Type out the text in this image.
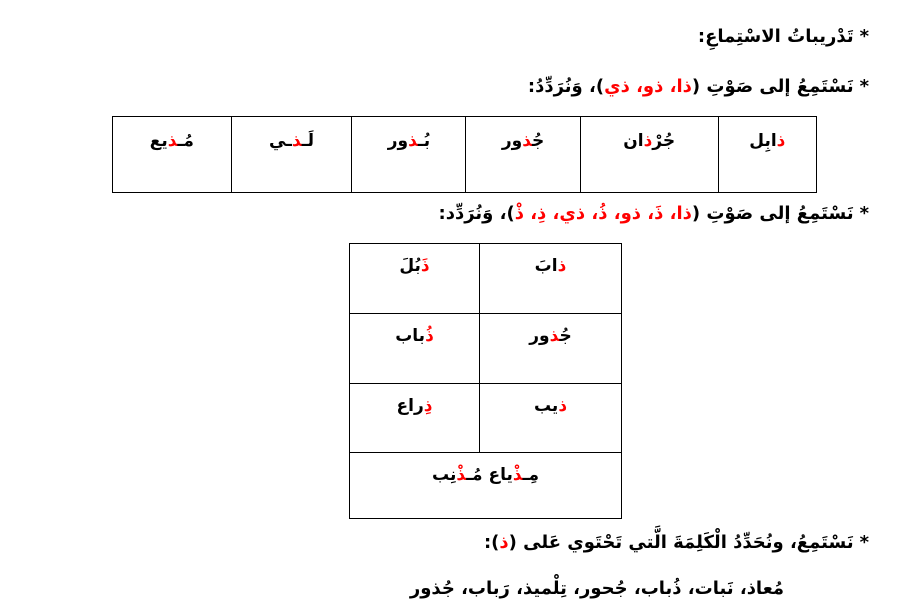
*تَدْريباتُ الاسْتِماعِ:
*نَسْتَمِعُ إلى صَوْتِ (ذا، ذو، ذي)، وَنُرَدِّدُ:
ذابِل	جُرْذان	جُذور	بُـذور	لَـذـي	مُـذيع
*نَسْتَمِعُ إلى صَوْتِ (ذا، ذَ، ذو، ذُ، ذي، ذِ، ذْ)، وَنُرَدِّد:
ذابَ	ذَبُلَ
جُذور	ذُباب
ذيب	ذِراع
مِـذْياع مُـذْنِب	
*نَسْتَمِعُ، ونُحَدِّدُ الْكَلِمَةَ الَّتي تَحْتَوي عَلى (ذ):
مُعاذ، نَبات، ذُباب، جُحور، تِلْميذ، رَباب، جُذور
